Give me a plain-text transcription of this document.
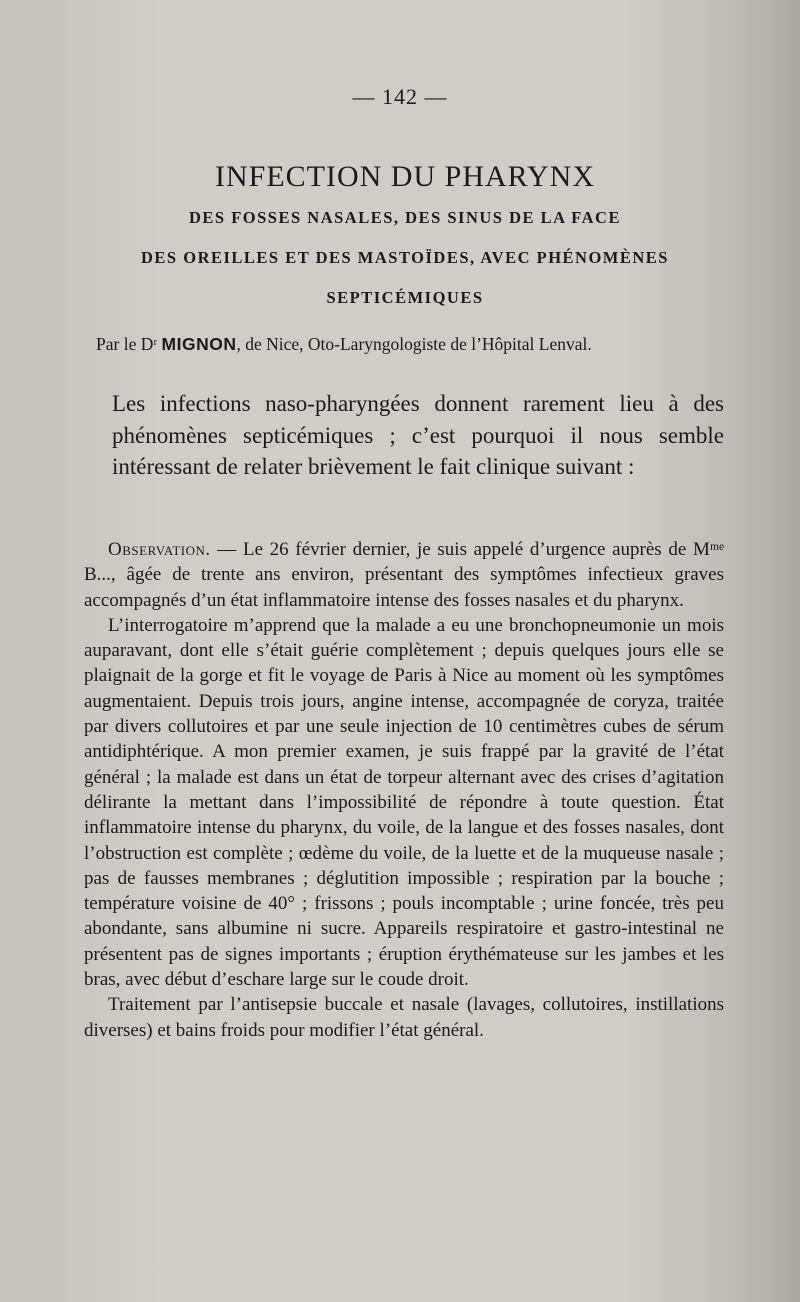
— 142 —
INFECTION DU PHARYNX
DES FOSSES NASALES, DES SINUS DE LA FACE
DES OREILLES ET DES MASTOÏDES, AVEC PHÉNOMÈNES
SEPTICÉMIQUES
Par le Dʳ MIGNON, de Nice, Oto-Laryngologiste de l’Hôpital Lenval.
Les infections naso-pharyngées donnent rarement lieu à des phénomènes septicémiques ; c’est pourquoi il nous semble intéressant de relater brièvement le fait clinique suivant :

Observation. — Le 26 février dernier, je suis appelé d’urgence auprès de Mᵐᵉ B..., âgée de trente ans environ, présentant des symptômes infectieux graves accompagnés d’un état inflammatoire intense des fosses nasales et du pharynx.

L’interrogatoire m’apprend que la malade a eu une bronchopneumonie un mois auparavant, dont elle s’était guérie complètement ; depuis quelques jours elle se plaignait de la gorge et fit le voyage de Paris à Nice au moment où les symptômes augmentaient. Depuis trois jours, angine intense, accompagnée de coryza, traitée par divers collutoires et par une seule injection de 10 centimètres cubes de sérum antidiphtérique. A mon premier examen, je suis frappé par la gravité de l’état général ; la malade est dans un état de torpeur alternant avec des crises d’agitation délirante la mettant dans l’impossibilité de répondre à toute question. État inflammatoire intense du pharynx, du voile, de la langue et des fosses nasales, dont l’obstruction est complète ; œdème du voile, de la luette et de la muqueuse nasale ; pas de fausses membranes ; déglutition impossible ; respiration par la bouche ; température voisine de 40° ; frissons ; pouls incomptable ; urine foncée, très peu abondante, sans albumine ni sucre. Appareils respiratoire et gastro-intestinal ne présentent pas de signes importants ; éruption érythémateuse sur les jambes et les bras, avec début d’eschare large sur le coude droit.

Traitement par l’antisepsie buccale et nasale (lavages, collutoires, instillations diverses) et bains froids pour modifier l’état général.
